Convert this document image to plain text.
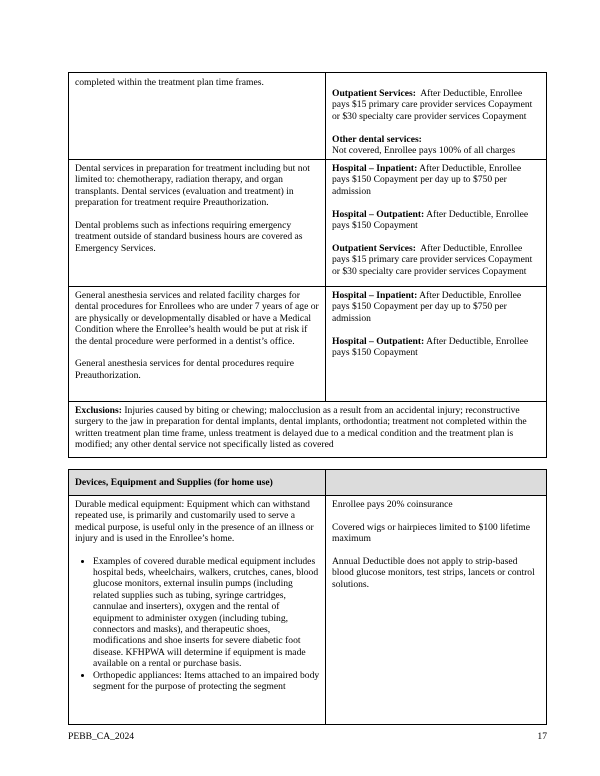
completed within the treatment plan time frames.

Outpatient Services: After Deductible, Enrollee pays $15 primary care provider services Copayment or $30 specialty care provider services Copayment

Other dental services:
Not covered, Enrollee pays 100% of all charges

Dental services in preparation for treatment including but not limited to: chemotherapy, radiation therapy, and organ transplants. Dental services (evaluation and treatment) in preparation for treatment require Preauthorization.

Dental problems such as infections requiring emergency treatment outside of standard business hours are covered as Emergency Services.

Hospital – Inpatient: After Deductible, Enrollee pays $150 Copayment per day up to $750 per admission

Hospital – Outpatient: After Deductible, Enrollee pays $150 Copayment

Outpatient Services: After Deductible, Enrollee pays $15 primary care provider services Copayment or $30 specialty care provider services Copayment

General anesthesia services and related facility charges for dental procedures for Enrollees who are under 7 years of age or are physically or developmentally disabled or have a Medical Condition where the Enrollee’s health would be put at risk if the dental procedure were performed in a dentist’s office.

General anesthesia services for dental procedures require Preauthorization.

Hospital – Inpatient: After Deductible, Enrollee pays $150 Copayment per day up to $750 per admission

Hospital – Outpatient: After Deductible, Enrollee pays $150 Copayment

Exclusions: Injuries caused by biting or chewing; malocclusion as a result from an accidental injury; reconstructive surgery to the jaw in preparation for dental implants, dental implants, orthodontia; treatment not completed within the written treatment plan time frame, unless treatment is delayed due to a medical condition and the treatment plan is modified; any other dental service not specifically listed as covered

Devices, Equipment and Supplies (for home use)

Durable medical equipment: Equipment which can withstand repeated use, is primarily and customarily used to serve a medical purpose, is useful only in the presence of an illness or injury and is used in the Enrollee’s home.

• Examples of covered durable medical equipment includes hospital beds, wheelchairs, walkers, crutches, canes, blood glucose monitors, external insulin pumps (including related supplies such as tubing, syringe cartridges, cannulae and inserters), oxygen and the rental of equipment to administer oxygen (including tubing, connectors and masks), and therapeutic shoes, modifications and shoe inserts for severe diabetic foot disease. KFHPWA will determine if equipment is made available on a rental or purchase basis.
• Orthopedic appliances: Items attached to an impaired body segment for the purpose of protecting the segment

Enrollee pays 20% coinsurance

Covered wigs or hairpieces limited to $100 lifetime maximum

Annual Deductible does not apply to strip-based blood glucose monitors, test strips, lancets or control solutions.

PEBB_CA_2024	17
